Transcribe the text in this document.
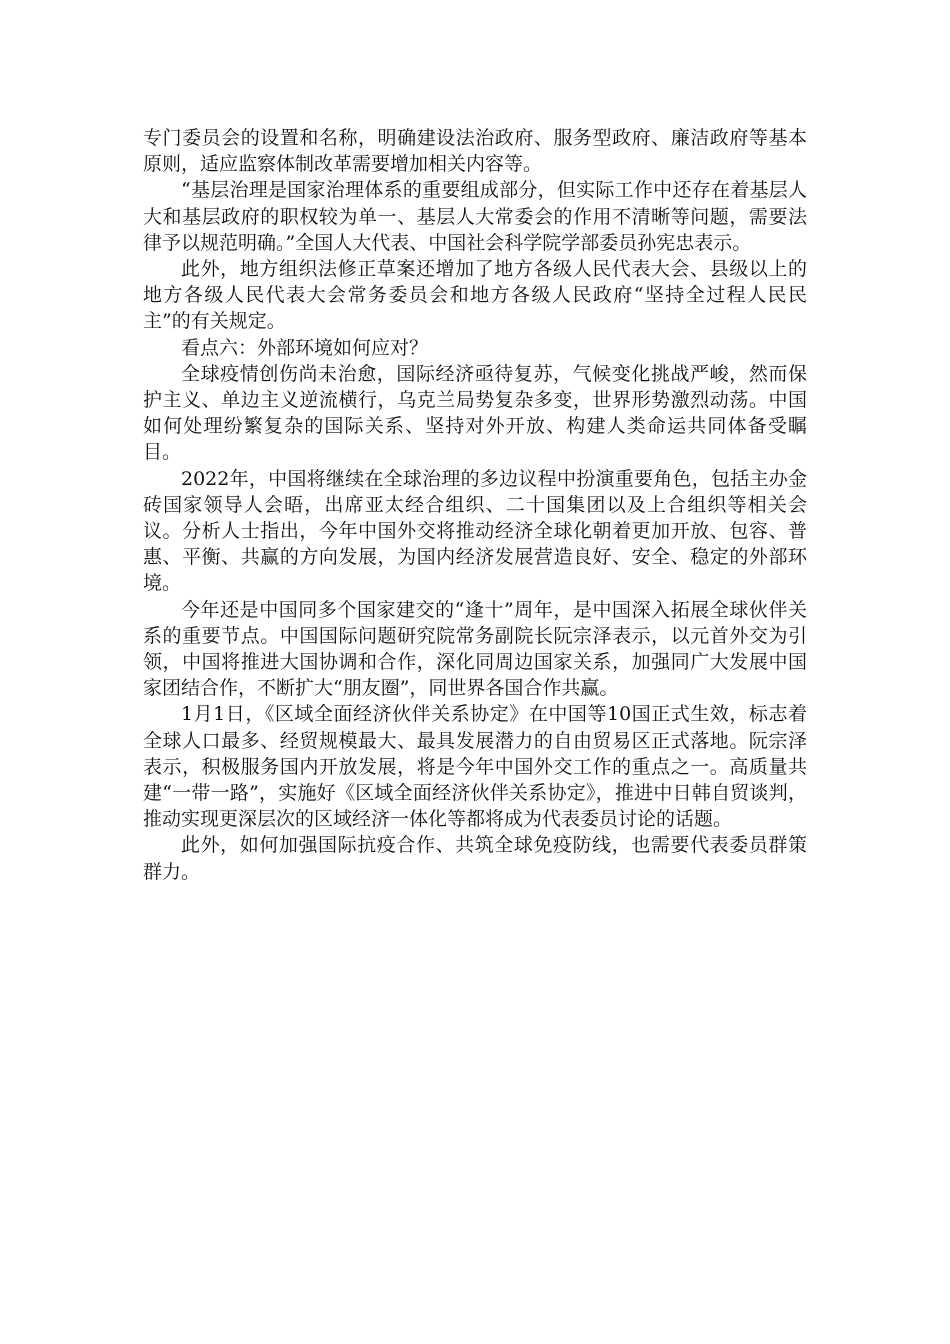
专门委员会的设置和名称，明确建设法治政府、服务型政府、廉洁政府等基本原则，适应监察体制改革需要增加相关内容等。

“基层治理是国家治理体系的重要组成部分，但实际工作中还存在着基层人大和基层政府的职权较为单一、基层人大常委会的作用不清晰等问题，需要法律予以规范明确。”全国人大代表、中国社会科学院学部委员孙宪忠表示。

此外，地方组织法修正草案还增加了地方各级人民代表大会、县级以上的地方各级人民代表大会常务委员会和地方各级人民政府“坚持全过程人民民主”的有关规定。

看点六：外部环境如何应对？

全球疫情创伤尚未治愈，国际经济亟待复苏，气候变化挑战严峻，然而保护主义、单边主义逆流横行，乌克兰局势复杂多变，世界形势激烈动荡。中国如何处理纷繁复杂的国际关系、坚持对外开放、构建人类命运共同体备受瞩目。

2022年，中国将继续在全球治理的多边议程中扮演重要角色，包括主办金砖国家领导人会晤，出席亚太经合组织、二十国集团以及上合组织等相关会议。分析人士指出，今年中国外交将推动经济全球化朝着更加开放、包容、普惠、平衡、共赢的方向发展，为国内经济发展营造良好、安全、稳定的外部环境。

今年还是中国同多个国家建交的“逢十”周年，是中国深入拓展全球伙伴关系的重要节点。中国国际问题研究院常务副院长阮宗泽表示，以元首外交为引领，中国将推进大国协调和合作，深化同周边国家关系，加强同广大发展中国家团结合作，不断扩大“朋友圈”，同世界各国合作共赢。

1月1日，《区域全面经济伙伴关系协定》在中国等10国正式生效，标志着全球人口最多、经贸规模最大、最具发展潜力的自由贸易区正式落地。阮宗泽表示，积极服务国内开放发展，将是今年中国外交工作的重点之一。高质量共建“一带一路”，实施好《区域全面经济伙伴关系协定》，推进中日韩自贸谈判，推动实现更深层次的区域经济一体化等都将成为代表委员讨论的话题。

此外，如何加强国际抗疫合作、共筑全球免疫防线，也需要代表委员群策群力。
